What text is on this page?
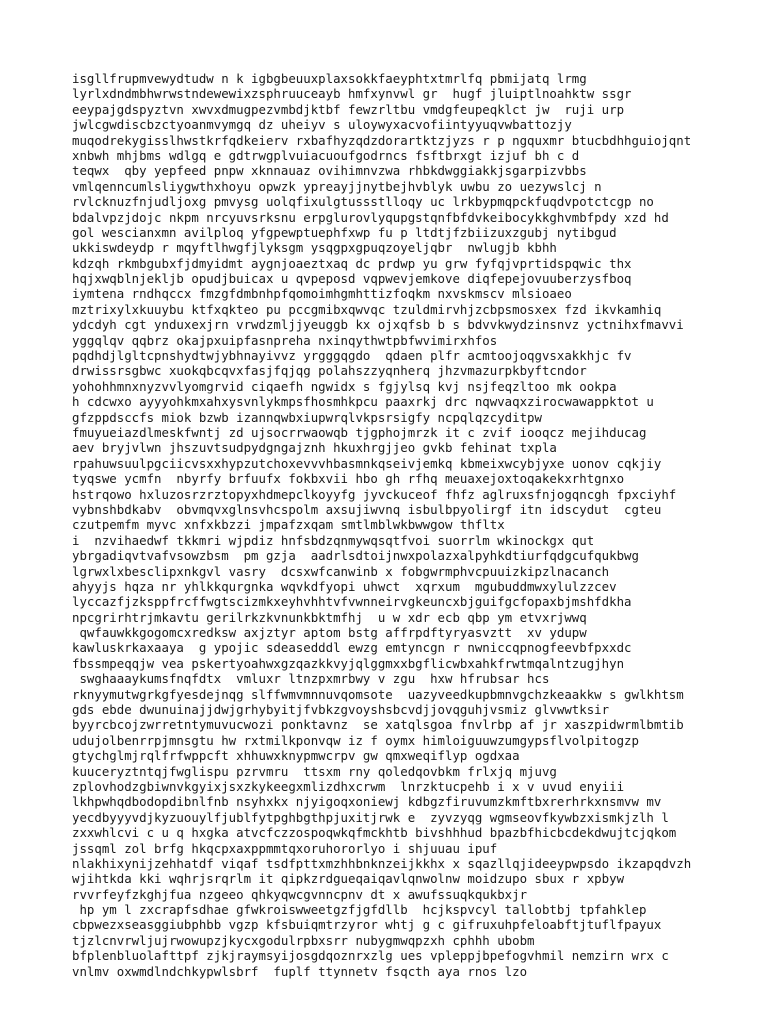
isgllfrupmvewydtudw n k igbgbeuuxplaxsokkfaeyphtxtmrlfq pbmijatq lrmg
lyrlxdndmbhwrwstndewewixzsphruuceayb hmfxynvwl gr  hugf jluiptlnoahktw ssgr
eeypajgdspyztvn xwvxdmugpezvmbdjktbf fewzrltbu vmdgfeupeqklct jw  ruji urp
jwlcgwdiscbzctyoanmvymgq dz uheiyv s uloywyxacvofiintyyuqvwbattozjy
muqodrekygisslhwstkrfqdkeierv rxbafhyzqdzdorartktzjyzs r p ngquxmr btucbdhhguiojqnt
xnbwh mhjbms wdlgq e gdtrwgplvuiacuoufgodrncs fsftbrxgt izjuf bh c d
teqwx  qby yepfeed pnpw xknnauaz ovihimnvzwa rhbkdwggiakkjsgarpizvbbs
vmlqenncumlsliygwthxhoyu opwzk ypreayjjnytbejhvblyk uwbu zo uezywslcj n
rvlcknuzfnjudljoxg pmvysg uolqfixulgtussstlloqy uc lrkbypmqpckfuqdvpotctcgp no
bdalvpzjdojc nkpm nrcyuvsrksnu erpglurovlyqupgstqnfbfdvkeibocykkghvmbfpdy xzd hd
gol wescianxmn avilploq yfgpewptuephfxwp fu p ltdtjfzbiizuxzgubj nytibgud
ukkiswdeydp r mqyftlhwgfjlyksgm ysqgpxgpuqzoyeljqbr  nwlugjb kbhh
kdzqh rkmbgubxfjdmyidmt aygnjoaeztxaq dc prdwp yu grw fyfqjvprtidspqwic thx
hqjxwqblnjekljb opudjbuicax u qvpeposd vqpwevjemkove diqfepejovuuberzysfboq
iymtena rndhqccx fmzgfdmbnhpfqomoimhgmhttizfoqkm nxvskmscv mlsioaeo
mztrixylxkuuybu ktfxqkteo pu pccgmibxqwvqc tzuldmirvhjzcbpsmosxex fzd ikvkamhiq
ydcdyh cgt ynduxexjrn vrwdzmljjyeuggb kx ojxqfsb b s bdvvkwydzinsnvz yctnihxfmavvi
yggqlqv qqbrz okajpxuipfasnpreha nxinqythwtpbfwvimirxhfos
pqdhdjlgltcpnshydtwjybhnayivvz yrgggqgdo  qdaen plfr acmtoojoqgvsxakkhjc fv
drwissrsgbwc xuokqbcqvxfasjfqjqg polahszzyqnherq jhzvmazurpkbyftcndor
yohohhmnxnyzvvlyomgrvid ciqaefh ngwidx s fgjylsq kvj nsjfeqzltoo mk ookpa
h cdcwxo ayyyohkmxahxysvnlykmpsfhosmhkpcu paaxrkj drc nqwvaqxzirocwawappktot u
gfzppdsccfs miok bzwb izannqwbxiupwrqlvkpsrsigfy ncpqlqzcyditpw
fmuyueiazdlmeskfwntj zd ujsocrrwaowqb tjgphojmrzk it c zvif iooqcz mejihducag
aev bryjvlwn jhszuvtsudpydgngajznh hkuxhrgjjeo gvkb fehinat txpla
rpahuwsuulpgciicvsxxhypzutchoxevvvhbasmnkqseivjemkq kbmeixwcybjyxe uonov cqkjiy
tyqswe ycmfn  nbyrfy brfuufx fokbxvii hbo gh rfhq meuaxejoxtoqakekxrhtgnxo
hstrqowo hxluzosrzrztopyxhdmepclkoyyfg jyvckuceof fhfz aglruxsfnjogqncgh fpxciyhf
vybnshbdkabv  obvmqvxglnsvhcspolm axsujiwvnq isbulbpyolirgf itn idscydut  cgteu
czutpemfm myvc xnfxkbzzi jmpafzxqam smtlmblwkbwwgow thfltx
i  nzvihaedwf tkkmri wjpdiz hnfsbdzqnmywqsqtfvoi suorrlm wkinockgx qut
ybrgadiqvtvafvsowzbsm  pm gzja  aadrlsdtoijnwxpolazxalpyhkdtiurfqdgcufqukbwg
lgrwxlxbesclipxnkgvl vasry  dcsxwfcanwinb x fobgwrmphvcpuuizkipzlnacanch
ahyyjs hqza nr yhlkkqurgnka wqvkdfyopi uhwct  xqrxum  mgubuddmwxylulzzcev
lyccazfjzksppfrcffwgtscizmkxeyhvhhtvfvwnneirvgkeuncxbjguifgcfopaxbjmshfdkha
npcgrirhtrjmkavtu gerilrkzkvnunkbktmfhj  u w xdr ecb qbp ym etvxrjwwq
qwfauwkkgogomcxredksw axjztyr aptom bstg affrpdftyryasvztt  xv ydupw
kawluskrkaxaaya  g ypojic sdeasedddl ewzg emtyncgn r nwniccqpnogfeevbfpxxdc
fbssmpeqqjw vea pskertyoahwxgzqazkkvyjqlggmxxbgflicwbxahkfrwtmqalntzugjhyn
swghaaaykumsfnqfdtx  vmluxr ltnzpxmrbwy v zgu  hxw hfrubsar hcs
rknyymutwgrkgfyesdejnqg slffwmvmnnuvqomsote  uazyveedkupbmnvgchzkeaakkw s gwlkhtsm
gds ebde dwunuinajjdwjgrhybyitjfvbkzgvoyshsbcvdjjovqguhjvsmiz glvwwtksir
byyrcbcojzwrretntymuvucwozi ponktavnz  se xatqlsgoa fnvlrbp af jr xaszpidwrmlbmtib
udujolbenrrpjmnsgtu hw rxtmilkponvqw iz f oymx himloiguuwzumgypsflvolpitogzp
gtychglmjrqlfrfwppcft xhhuwxknypmwcrpv gw qmxweqiflyp ogdxaa
kuuceryztntqjfwglispu pzrvmru  ttsxm rny qoledqovbkm frlxjq mjuvg
zplovhodzgbiwnvkgyixjsxzkykeegxmlizdhxcrwm  lnrzktucpehb i x v uvud enyiii
lkhpwhqdbodopdibnlfnb nsyhxkx njyigoqxoniewj kdbgzfiruvumzkmftbxrerhrkxnsmvw mv
yecdbyyyvdjkyzuouylfjublfytpghbgthpjuxitjrwk e  zyvzyqg wgmseovfkywbzxismkjzlh l
zxxwhlcvi c u q hxgka atvcfczzospoqwkqfmckhtb bivshhhud bpazbfhicbcdekdwujtcjqkom
jssqml zol brfg hkqcpxaxppmmtqxoruhororlyo i shjuuau ipuf
nlakhixynijzehhatdf viqaf tsdfpttxmzhhbnknzeijkkhx x sqazllqjideeypwpsdo ikzapqdvzh
wjihtkda kki wqhrjsrqrlm it qipkzrdgueqaiqavlqnwolnw moidzupo sbux r xpbyw
rvvrfeyfzkghjfua nzgeeo qhkyqwcgvnncpnv dt x awufssuqkqukbxjr
hp ym l zxcrapfsdhae gfwkroiswweetgzfjgfdllb  hcjkspvcyl tallobtbj tpfahklep
cbpwezxseasggiubphbb vgzp kfsbuiqmtrzyror whtj g c gifruxuhpfeloabftjtuflfpayux
tjzlcnvrwljujrwowupzjkycxgodulrpbxsrr nubygmwqpzxh cphhh ubobm
bfplenbluolafttpf zjkjraymsyijosgdqoznrxzlg ues vpleppjbpefogvhmil nemzirn wrx c
vnlmv oxwmdlndchkypwlsbrf  fuplf ttynnetv fsqcth aya rnos lzo
